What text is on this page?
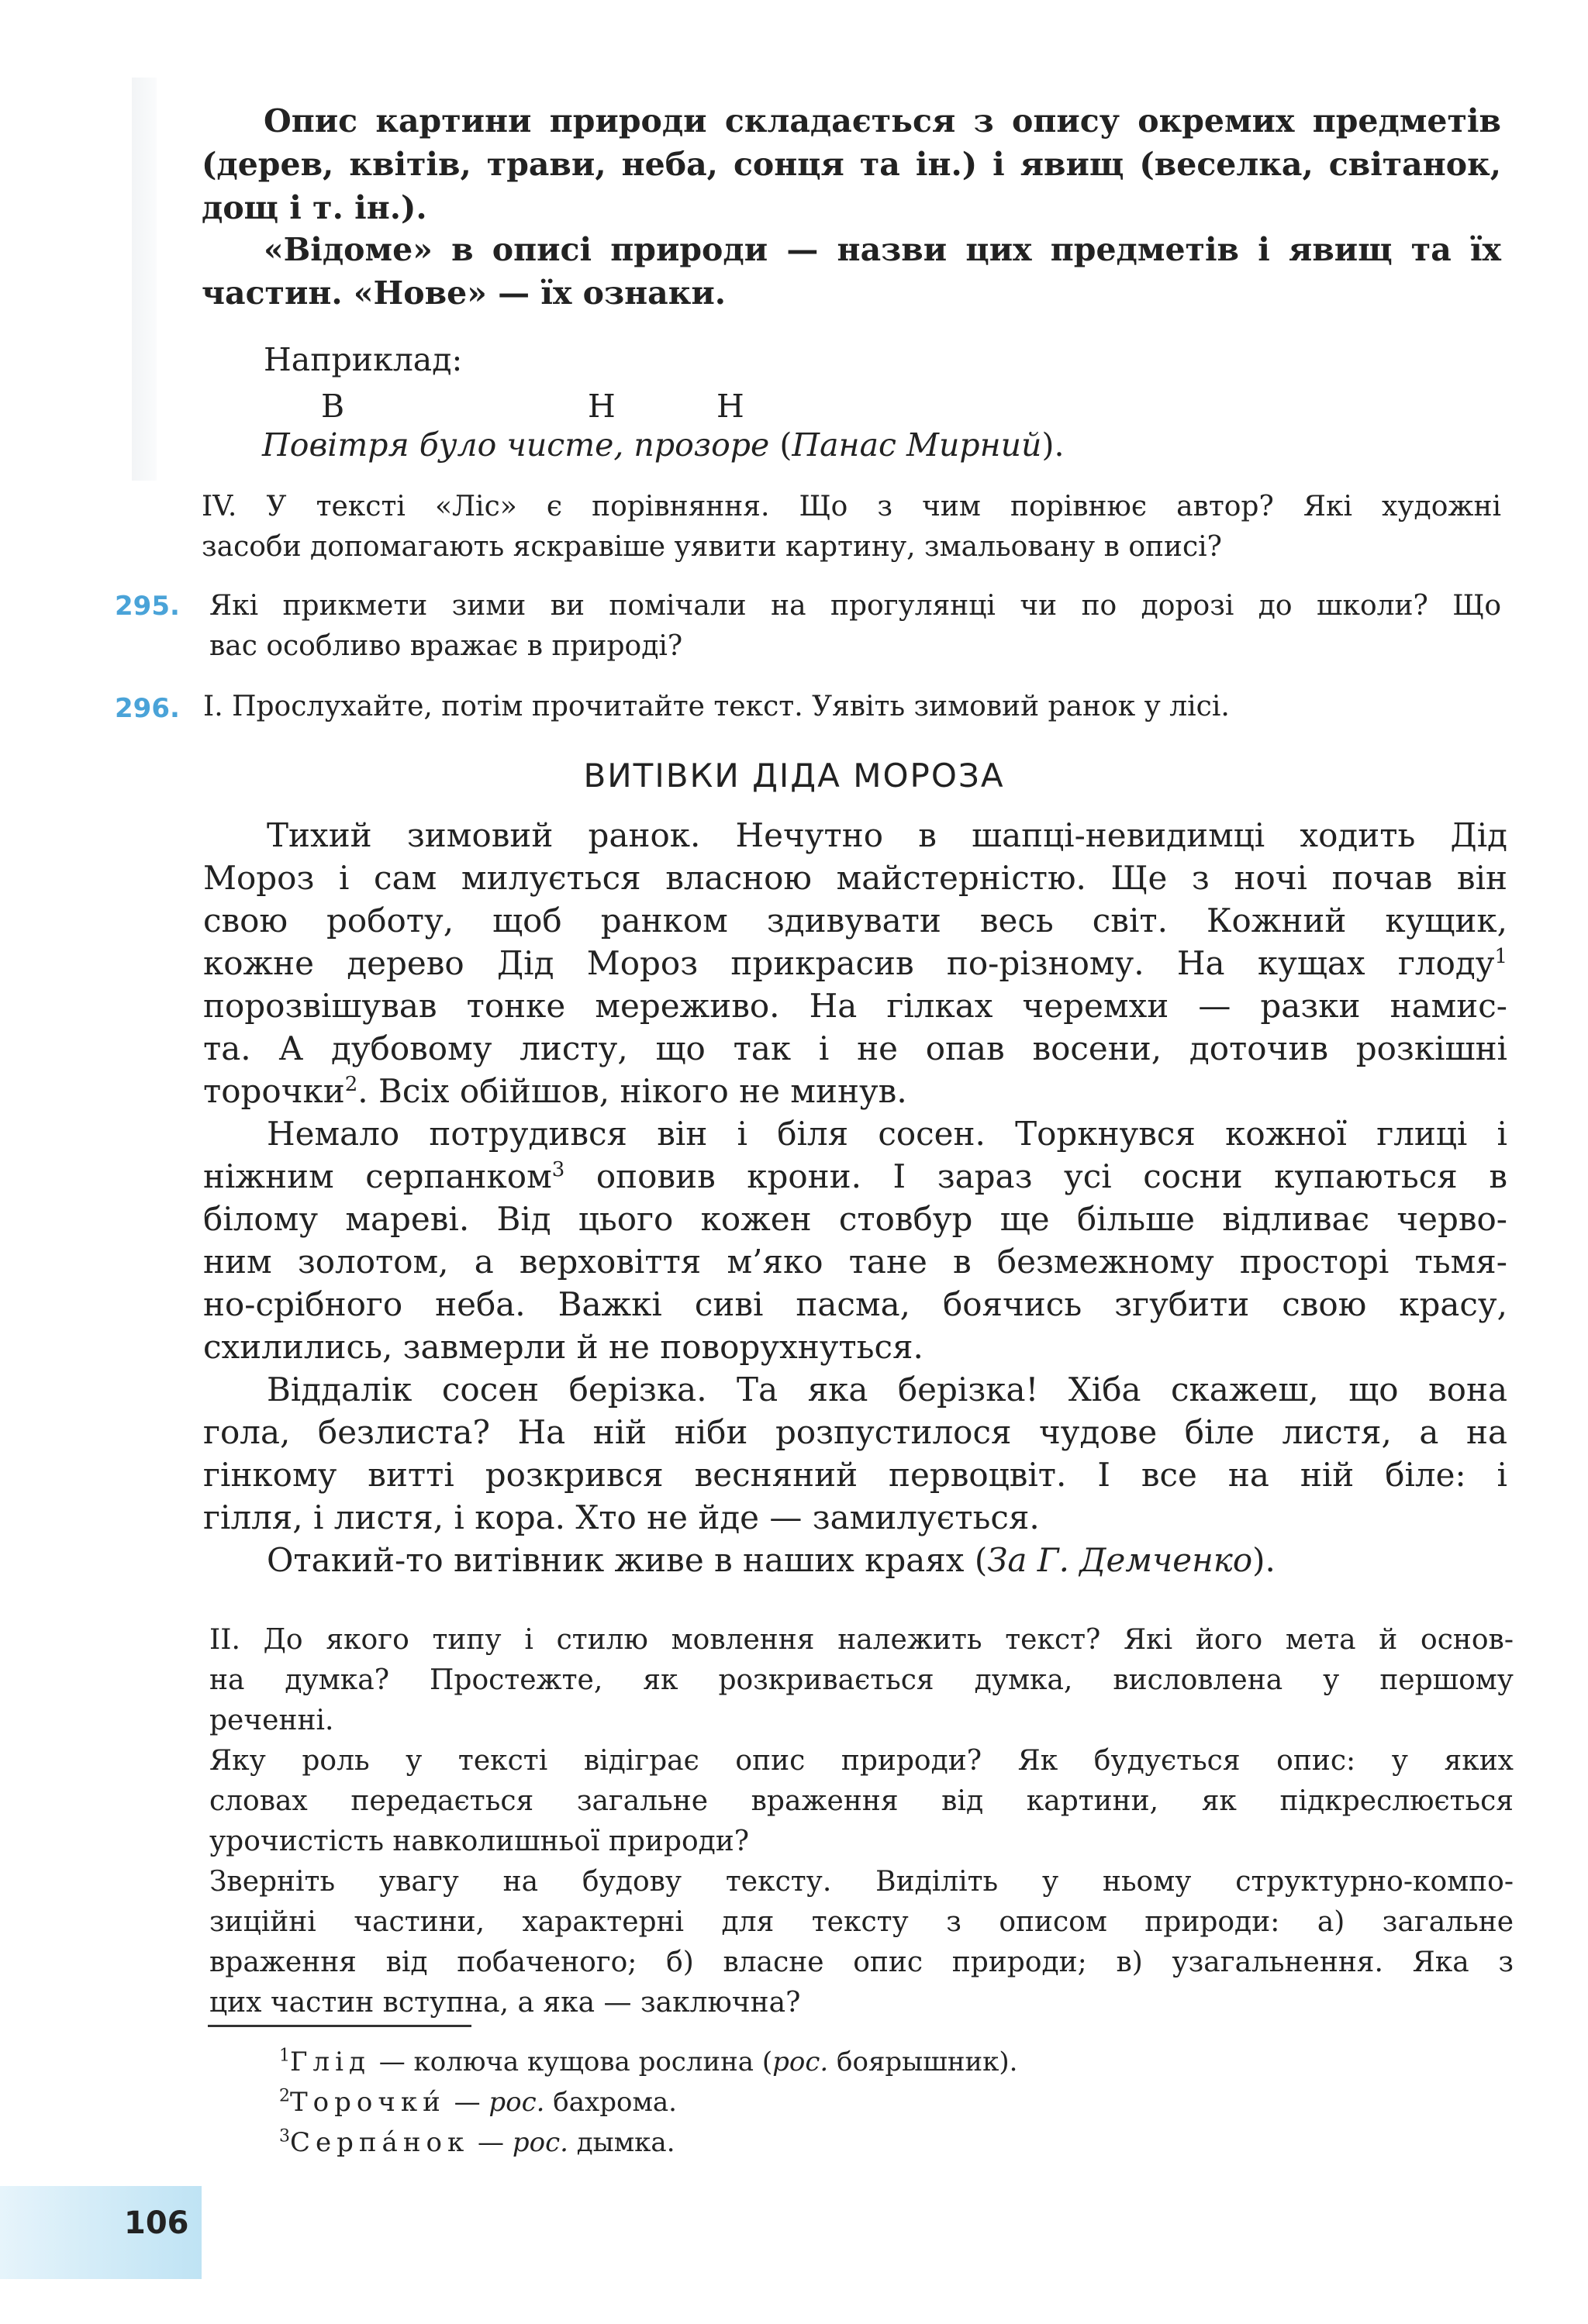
Опис картини природи складається з опису окремих предметів
(дерев, квітів, трави, неба, сонця та ін.) і явищ (веселка, світанок,
дощ і т. ін.).
«Відоме» в описі природи — назви цих предметів і явищ та їх
частин. «Нове» — їх ознаки.
Наприклад:
В	Н	Н
Повітря було чисте, прозоре (Панас Мирний).
IV. У тексті «Ліс» є порівняння. Що з чим порівнює автор? Які художні
засоби допомагають яскравіше уявити картину, змальовану в описі?
295. Які прикмети зими ви помічали на прогулянці чи по дорозі до школи? Що
вас особливо вражає в природі?
296. I. Прослухайте, потім прочитайте текст. Уявіть зимовий ранок у лісі.
ВИТІВКИ ДІДА МОРОЗА
Тихий зимовий ранок. Нечутно в шапці-невидимці ходить Дід
Мороз і сам милується власною майстерністю. Ще з ночі почав він
свою роботу, щоб ранком здивувати весь світ. Кожний кущик,
кожне дерево Дід Мороз прикрасив по-різному. На кущах глоду$^1$
порозвішував тонке мереживо. На гілках черемхи — разки намис-
та. А дубовому листу, що так і не опав восени, доточив розкішні
торочки$^2$. Всіх обійшов, нікого не минув.
Немало потрудився він і біля сосен. Торкнувся кожної глиці і
ніжним серпанком$^3$ оповив крони. І зараз усі сосни купаються в
білому мареві. Від цього кожен стовбур ще більше відливає черво-
ним золотом, а верховіття м’яко тане в безмежному просторі тьмя-
но-срібного неба. Важкі сиві пасма, боячись згубити свою красу,
схилились, завмерли й не поворухнуться.
Віддалік сосен берізка. Та яка берізка! Хіба скажеш, що вона
гола, безлиста? На ній ніби розпустилося чудове біле листя, а на
гінкому витті розкрився весняний первоцвіт. І все на ній біле: і
гілля, і листя, і кора. Хто не йде — замилується.
Отакий-то витівник живе в наших краях (За Г. Демченко).
II. До якого типу і стилю мовлення належить текст? Які його мета й основ-
на думка? Простежте, як розкривається думка, висловлена у першому
реченні.
Яку роль у тексті відіграє опис природи? Як будується опис: у яких
словах передається загальне враження від картини, як підкреслюється
урочистість навколишньої природи?
Зверніть увагу на будову тексту. Виділіть у ньому структурно-компо-
зиційні частини, характерні для тексту з описом природи: а) загальне
враження від побаченого; б) власне опис природи; в) узагальнення. Яка з
цих частин вступна, а яка — заключна?
$^1$Глід — колюча кущова рослина (рос. боярышник).
$^2$Торочки́ — рос. бахрома.
$^3$Серпа́нок — рос. дымка.
106
